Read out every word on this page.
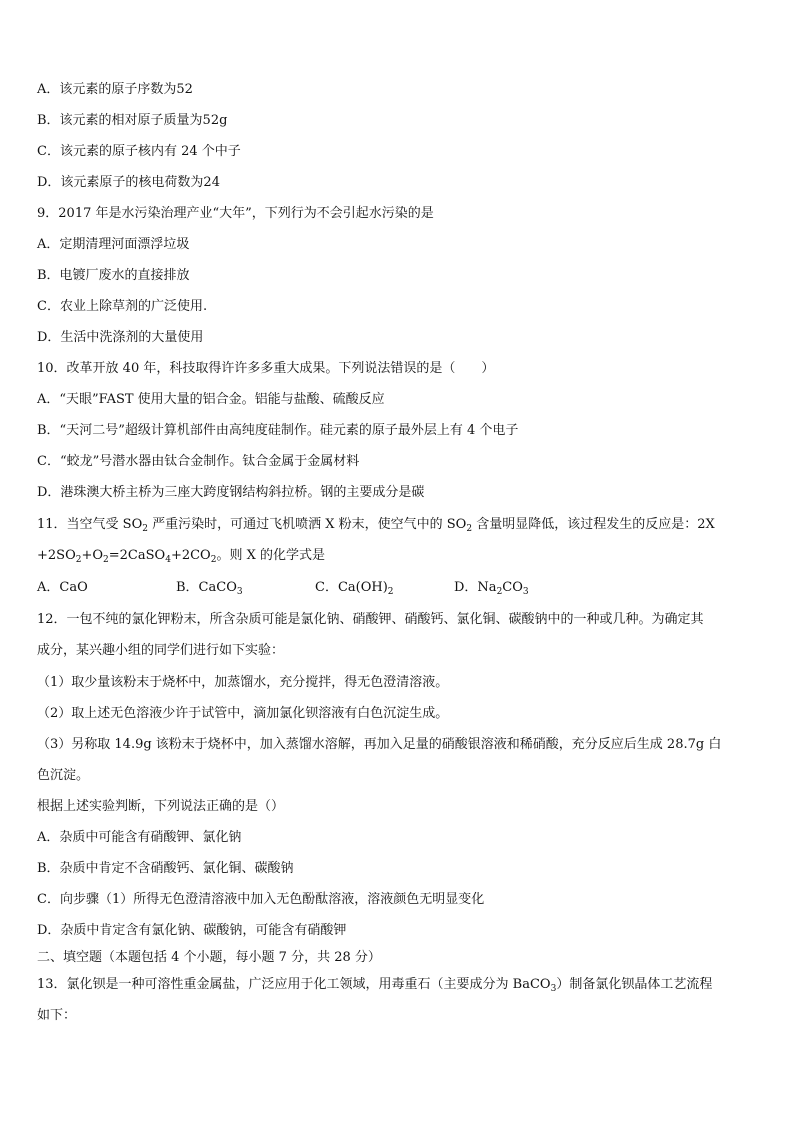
A．该元素的原子序数为52
B．该元素的相对原子质量为52g
C．该元素的原子核内有 24 个中子
D．该元素原子的核电荷数为24
9．2017 年是水污染治理产业“大年”，下列行为不会引起水污染的是
A．定期清理河面漂浮垃圾
B．电镀厂废水的直接排放
C．农业上除草剂的广泛使用.
D．生活中洗涤剂的大量使用
10．改革开放 40 年，科技取得许许多多重大成果。下列说法错误的是（　　）
A．“天眼”FAST 使用大量的铝合金。铝能与盐酸、硫酸反应
B．“天河二号”超级计算机部件由高纯度硅制作。硅元素的原子最外层上有 4 个电子
C．“蛟龙”号潜水器由钛合金制作。钛合金属于金属材料
D．港珠澳大桥主桥为三座大跨度钢结构斜拉桥。钢的主要成分是碳
11．当空气受 $SO_2$ 严重污染时，可通过飞机喷洒 X 粉末，使空气中的 $SO_2$ 含量明显降低，该过程发生的反应是：2X
$+2SO_2+O_2=2CaSO_4+2CO_2$。则 X 的化学式是
A．CaO	B．CaCO$_3$	C．$Ca(OH)_2$	D．$Na_2CO_3$
12．一包不纯的氯化钾粉末，所含杂质可能是氯化钠、硝酸钾、硝酸钙、氯化铜、碳酸钠中的一种或几种。为确定其
成分，某兴趣小组的同学们进行如下实验：
（1）取少量该粉末于烧杯中，加蒸馏水，充分搅拌，得无色澄清溶液。
（2）取上述无色溶液少许于试管中，滴加氯化钡溶液有白色沉淀生成。
（3）另称取 14.9g 该粉末于烧杯中，加入蒸馏水溶解，再加入足量的硝酸银溶液和稀硝酸，充分反应后生成 28.7g 白
色沉淀。
根据上述实验判断，下列说法正确的是（）
A．杂质中可能含有硝酸钾、氯化钠
B．杂质中肯定不含硝酸钙、氯化铜、碳酸钠
C．向步骤（1）所得无色澄清溶液中加入无色酚酞溶液，溶液颜色无明显变化
D．杂质中肯定含有氯化钠、碳酸钠，可能含有硝酸钾
二、填空题（本题包括 4 个小题，每小题 7 分，共 28 分）
13．氯化钡是一种可溶性重金属盐，广泛应用于化工领域，用毒重石（主要成分为 BaCO$_3$）制备氯化钡晶体工艺流程
如下：
